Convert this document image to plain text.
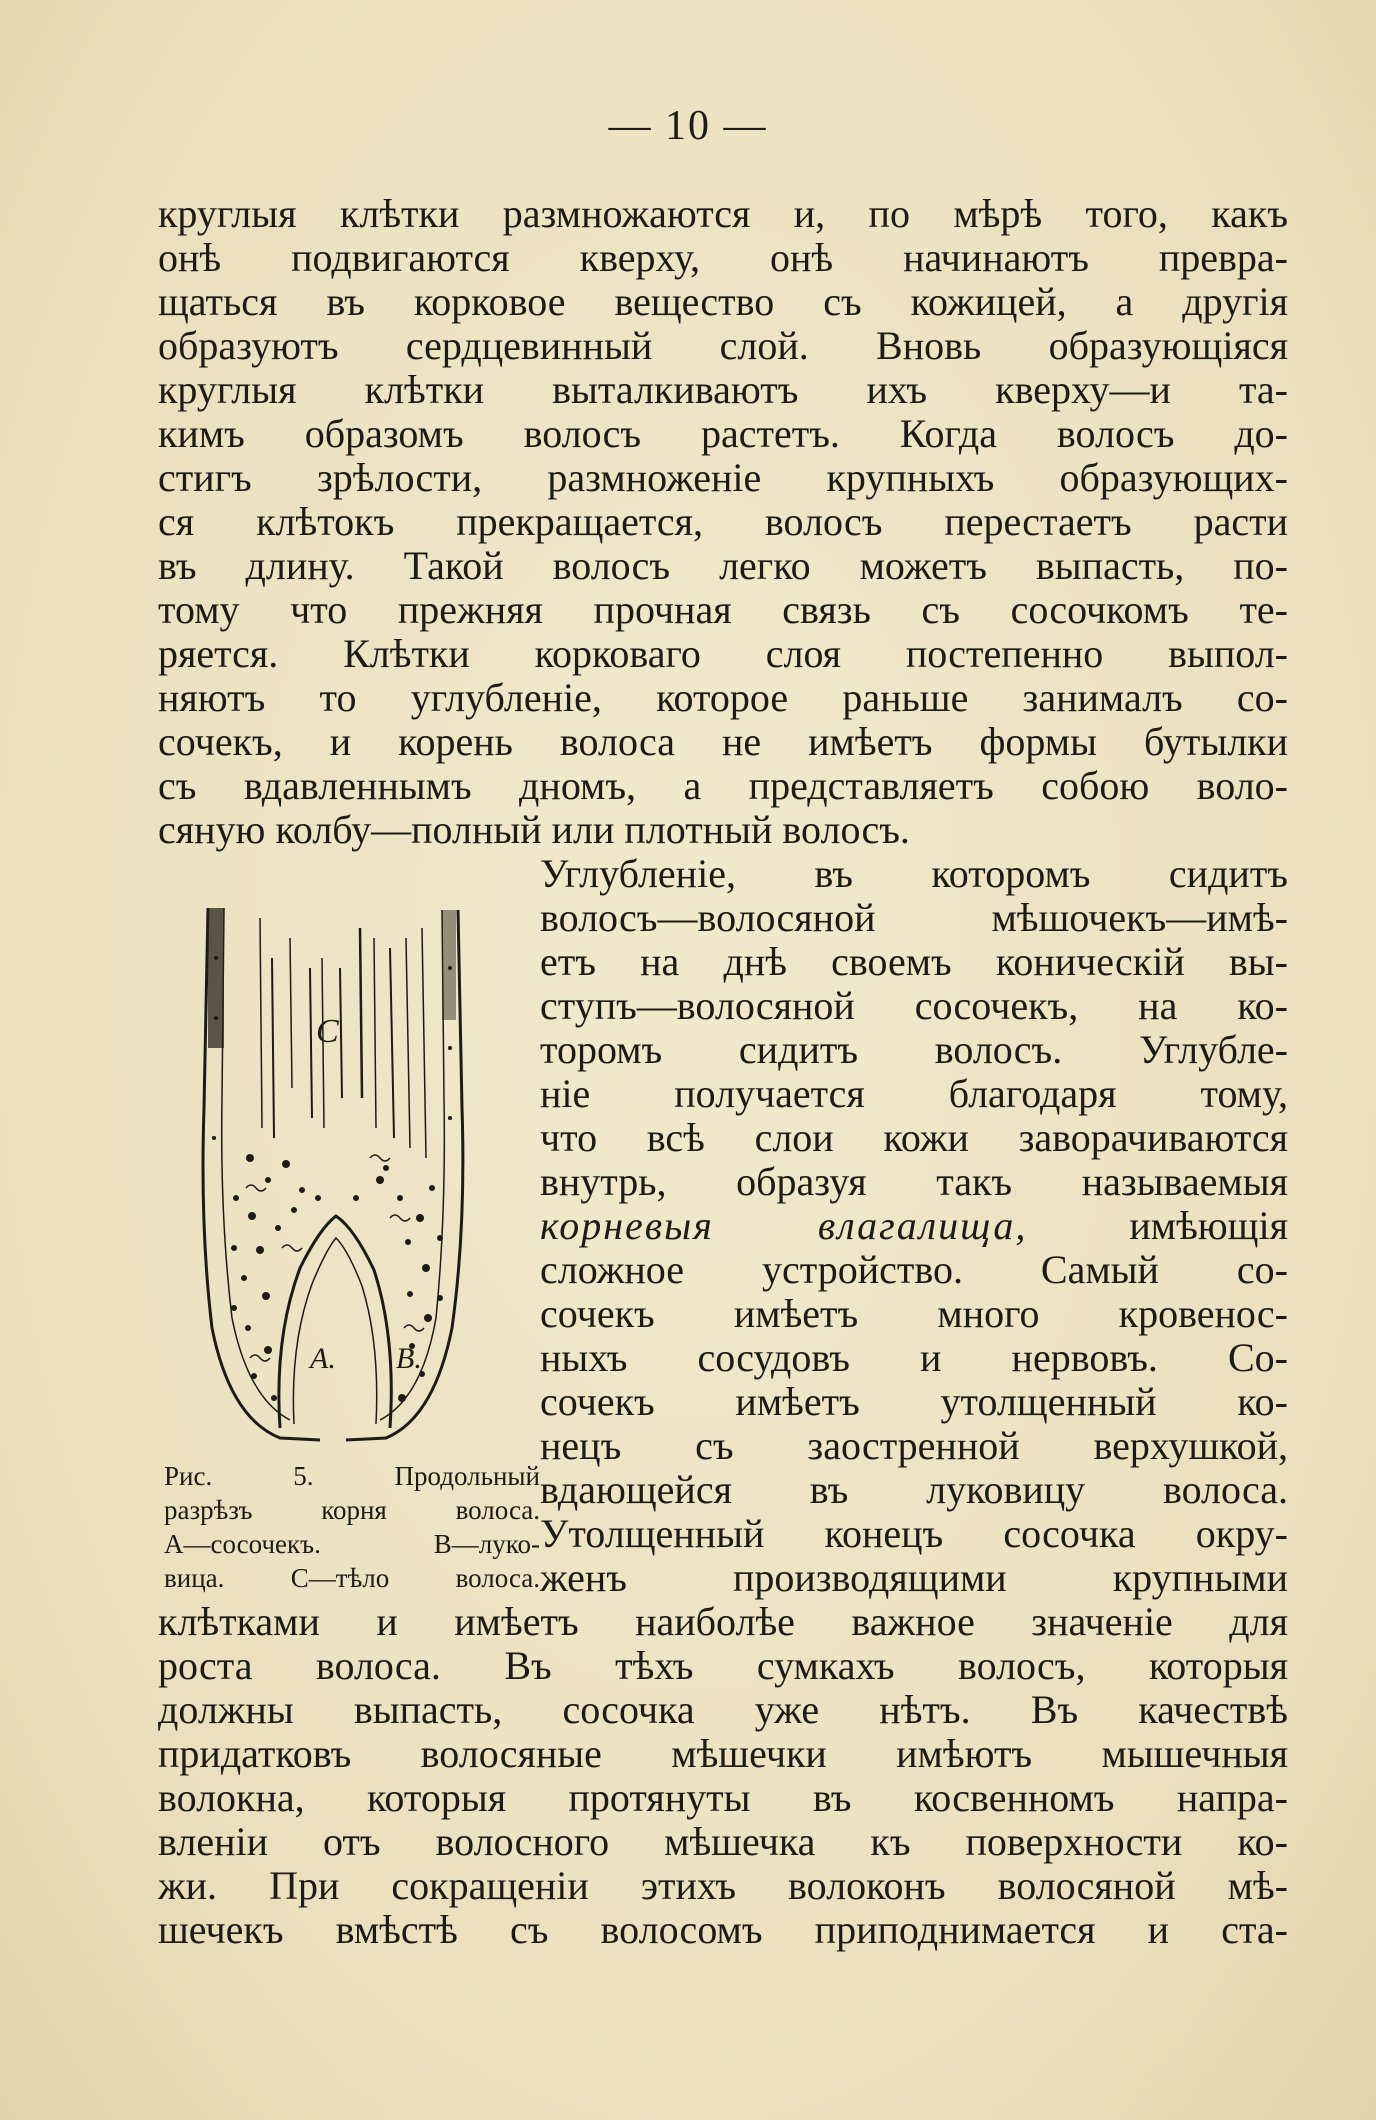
— 10 —
круглыя клѣтки размножаются и, по мѣрѣ того, какъ
онѣ подвигаются кверху, онѣ начинаютъ превра-
щаться въ корковое вещество съ кожицей, а другія
образуютъ сердцевинный слой. Вновь образующіяся
круглыя клѣтки выталкиваютъ ихъ кверху—и та-
кимъ образомъ волосъ растетъ. Когда волосъ до-
стигъ зрѣлости, размноженіе крупныхъ образующих-
ся клѣтокъ прекращается, волосъ перестаетъ расти
въ длину. Такой волосъ легко можетъ выпасть, по-
тому что прежняя прочная связь съ сосочкомъ те-
ряется. Клѣтки корковаго слоя постепенно выпол-
няютъ то углубленіе, которое раньше занималъ со-
сочекъ, и корень волоса не имѣетъ формы бутылки
съ вдавленнымъ дномъ, а представляетъ собою воло-
сяную колбу—полный или плотный волосъ.
Углубленіе, въ которомъ сидитъ
волосъ—волосяной мѣшочекъ—имѣ-
етъ на днѣ своемъ коническій вы-
ступъ—волосяной сосочекъ, на ко-
торомъ сидитъ волосъ. Углубле-
ніе получается благодаря тому,
что всѣ слои кожи заворачиваются
внутрь, образуя такъ называемыя
корневыя влагалища,	имѣющія
сложное устройство. Самый со-
сочекъ имѣетъ много кровенос-
ныхъ сосудовъ и нервовъ. Со-
сочекъ имѣетъ утолщенный ко-
нецъ съ заостренной верхушкой,
вдающейся въ луковицу волоса.
Утолщенный конецъ сосочка окру-
женъ производящими крупными
клѣтками и имѣетъ наиболѣе важное значеніе для
роста волоса. Въ тѣхъ сумкахъ волосъ, которыя
должны выпасть, сосочка уже нѣтъ. Въ качествѣ
придатковъ волосяные мѣшечки имѣютъ мышечныя
волокна, которыя протянуты въ косвенномъ напра-
вленіи отъ волосного мѣшечка къ поверхности ко-
жи. При сокращеніи этихъ волоконъ волосяной мѣ-
шечекъ вмѣстѣ съ волосомъ приподнимается и ста-
C
A. B.
Рис. 5. Продольный
разрѣзъ корня волоса.
А—сосочекъ. В—луко-
вица. С—тѣло волоса.
